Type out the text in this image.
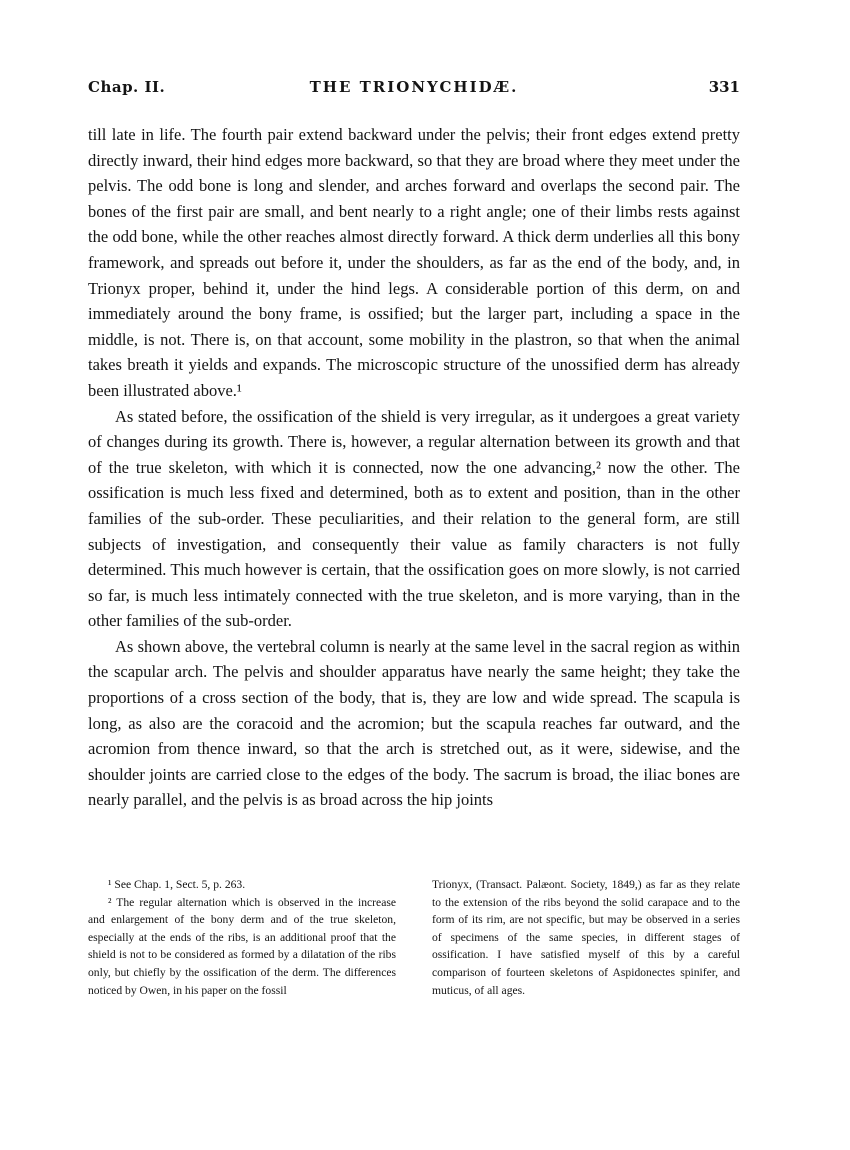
Chap. II.	THE TRIONYCHIDÆ.	331

till late in life. The fourth pair extend backward under the pelvis; their front edges extend pretty directly inward, their hind edges more backward, so that they are broad where they meet under the pelvis. The odd bone is long and slender, and arches forward and overlaps the second pair. The bones of the first pair are small, and bent nearly to a right angle; one of their limbs rests against the odd bone, while the other reaches almost directly forward. A thick derm underlies all this bony framework, and spreads out before it, under the shoulders, as far as the end of the body, and, in Trionyx proper, behind it, under the hind legs. A considerable portion of this derm, on and immediately around the bony frame, is ossified; but the larger part, including a space in the middle, is not. There is, on that account, some mobility in the plastron, so that when the animal takes breath it yields and expands. The microscopic structure of the unossified derm has already been illustrated above.¹

As stated before, the ossification of the shield is very irregular, as it undergoes a great variety of changes during its growth. There is, however, a regular alternation between its growth and that of the true skeleton, with which it is connected, now the one advancing,² now the other. The ossification is much less fixed and determined, both as to extent and position, than in the other families of the sub-order. These peculiarities, and their relation to the general form, are still subjects of investigation, and consequently their value as family characters is not fully determined. This much however is certain, that the ossification goes on more slowly, is not carried so far, is much less intimately connected with the true skeleton, and is more varying, than in the other families of the sub-order.

As shown above, the vertebral column is nearly at the same level in the sacral region as within the scapular arch. The pelvis and shoulder apparatus have nearly the same height; they take the proportions of a cross section of the body, that is, they are low and wide spread. The scapula is long, as also are the coracoid and the acromion; but the scapula reaches far outward, and the acromion from thence inward, so that the arch is stretched out, as it were, sidewise, and the shoulder joints are carried close to the edges of the body. The sacrum is broad, the iliac bones are nearly parallel, and the pelvis is as broad across the hip joints

¹ See Chap. 1, Sect. 5, p. 263.

² The regular alternation which is observed in the increase and enlargement of the bony derm and of the true skeleton, especially at the ends of the ribs, is an additional proof that the shield is not to be considered as formed by a dilatation of the ribs only, but chiefly by the ossification of the derm. The differences noticed by Owen, in his paper on the fossil

Trionyx, (Transact. Palæont. Society, 1849,) as far as they relate to the extension of the ribs beyond the solid carapace and to the form of its rim, are not specific, but may be observed in a series of specimens of the same species, in different stages of ossification. I have satisfied myself of this by a careful comparison of fourteen skeletons of Aspidonectes spinifer, and muticus, of all ages.
